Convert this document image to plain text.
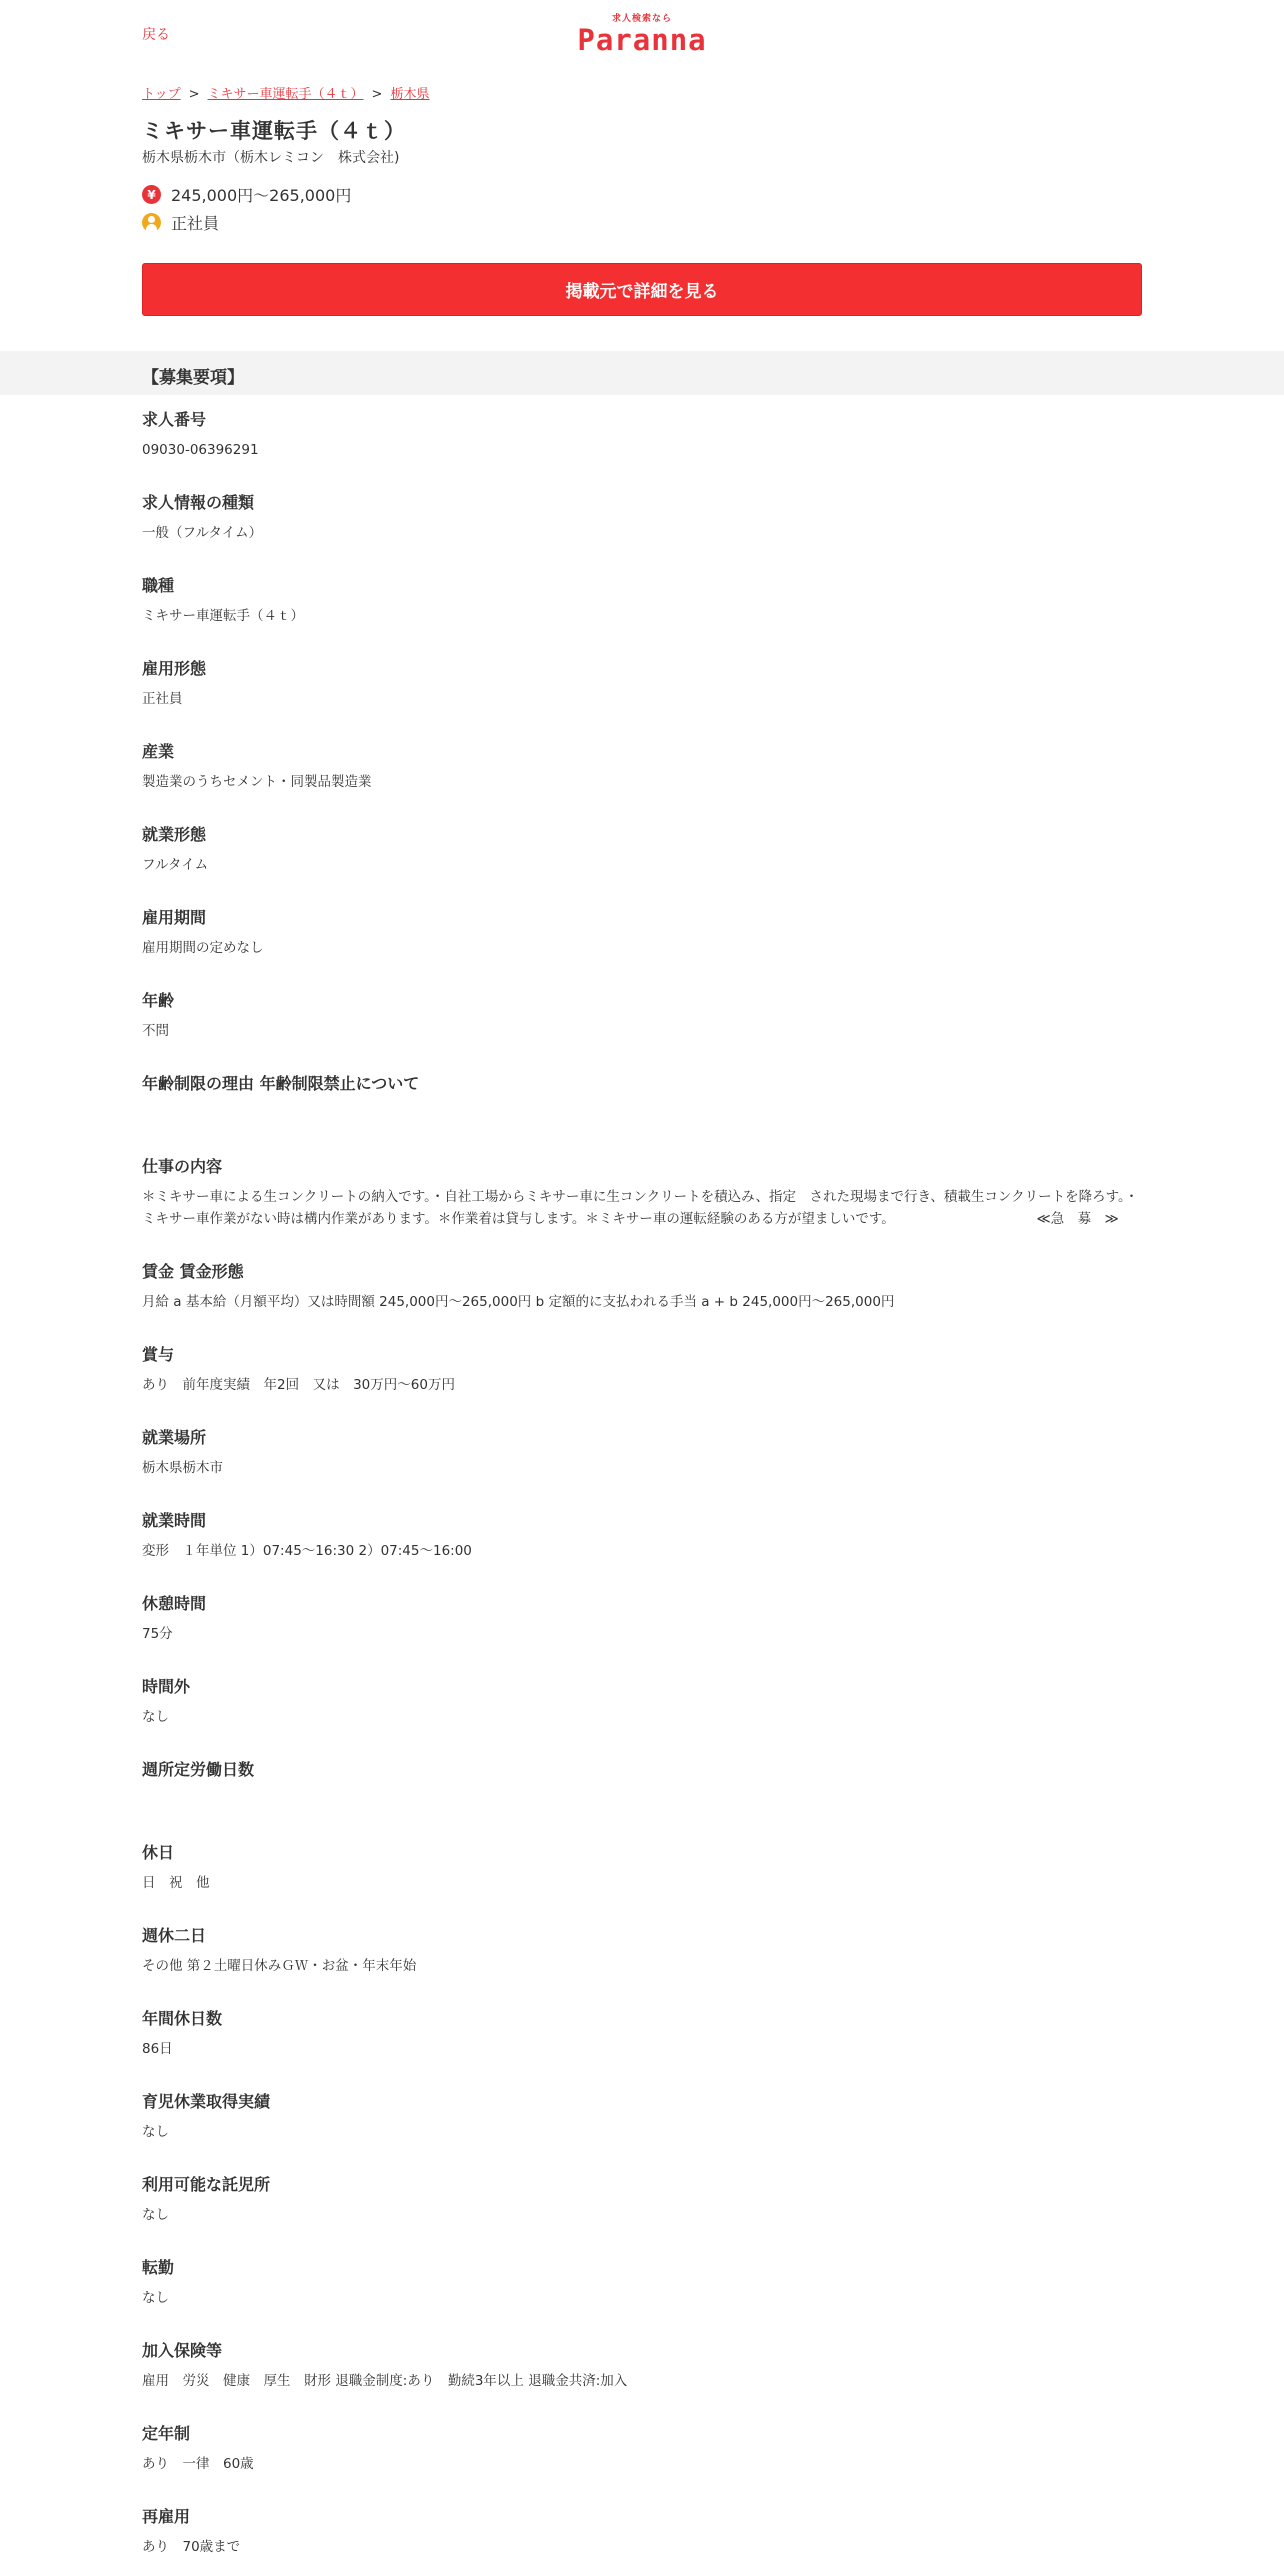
戻る
求人検索なら
Paranna
トップ > ミキサー車運転手（４ｔ） > 栃木県
ミキサー車運転手（４ｔ）
栃木県栃木市（栃木レミコン　株式会社)
¥ 245,000円～265,000円
正社員
掲載元で詳細を見る
【募集要項】
求人番号
09030-06396291
求人情報の種類
一般（フルタイム）
職種
ミキサー車運転手（４ｔ）
雇用形態
正社員
産業
製造業のうちセメント・同製品製造業
就業形態
フルタイム
雇用期間
雇用期間の定めなし
年齢
不問
年齢制限の理由 年齢制限禁止について
仕事の内容
＊ミキサー車による生コンクリートの納入です。・自社工場からミキサー車に生コンクリートを積込み、指定　された現場まで行き、積載生コンクリートを降ろす。・ミキサー車作業がない時は構内作業があります。＊作業着は貸与します。＊ミキサー車の運転経験のある方が望ましいです。　　　　　　　　　　　≪急　募　≫
賃金 賃金形態
月給 a 基本給（月額平均）又は時間額 245,000円～265,000円 b 定額的に支払われる手当 a + b 245,000円～265,000円
賞与
あり　前年度実績　年2回　又は　30万円～60万円
就業場所
栃木県栃木市
就業時間
変形　１年単位 1）07:45～16:30 2）07:45～16:00
休憩時間
75分
時間外
なし
週所定労働日数
休日
日　祝　他
週休二日
その他 第２土曜日休みＧＷ・お盆・年末年始
年間休日数
86日
育児休業取得実績
なし
利用可能な託児所
なし
転勤
なし
加入保険等
雇用　労災　健康　厚生　財形 退職金制度:あり　勤続3年以上 退職金共済:加入
定年制
あり　一律　60歳
再雇用
あり　70歳まで
